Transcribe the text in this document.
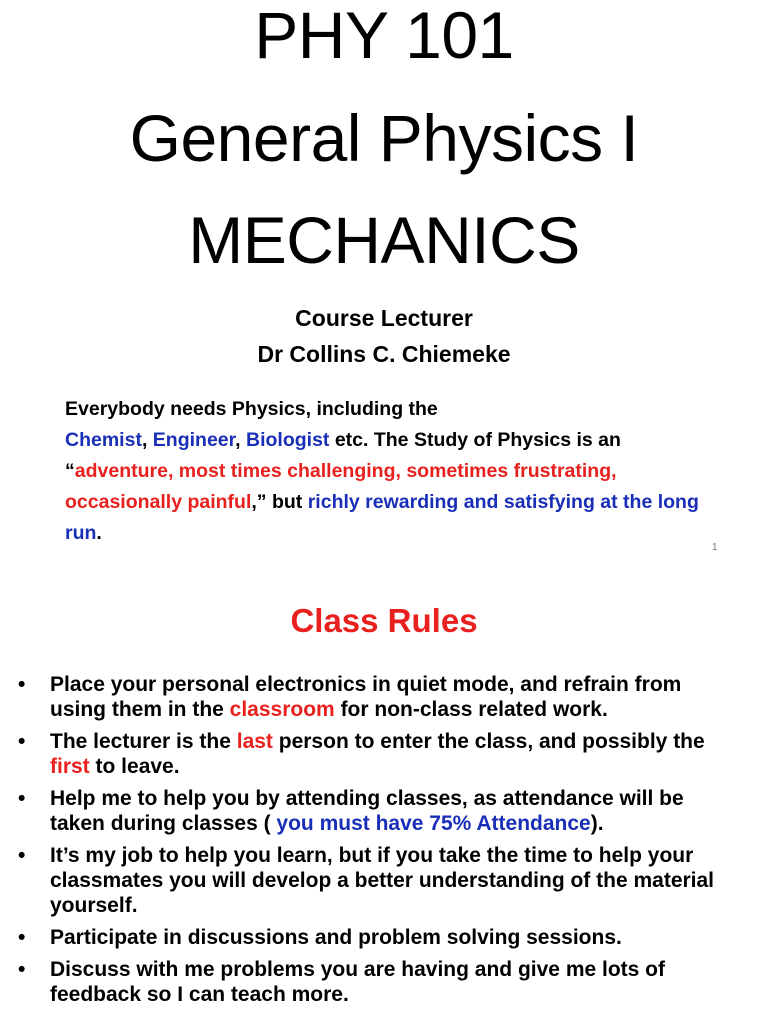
PHY 101
General Physics I
MECHANICS
Course Lecturer
Dr Collins C. Chiemeke
Everybody needs Physics, including the
Chemist, Engineer, Biologist etc. The Study of Physics is an “adventure, most times challenging, sometimes frustrating, occasionally painful,” but richly rewarding and satisfying at the long run.
1
Class Rules
• Place your personal electronics in quiet mode, and refrain from using them in the classroom for non-class related work.
• The lecturer is the last person to enter the class, and possibly the first to leave.
• Help me to help you by attending classes, as attendance will be taken during classes ( you must have 75% Attendance).
• It’s my job to help you learn, but if you take the time to help your classmates you will develop a better understanding of the material yourself.
• Participate in discussions and problem solving sessions.
• Discuss with me problems you are having and give me lots of feedback so I can teach more.
